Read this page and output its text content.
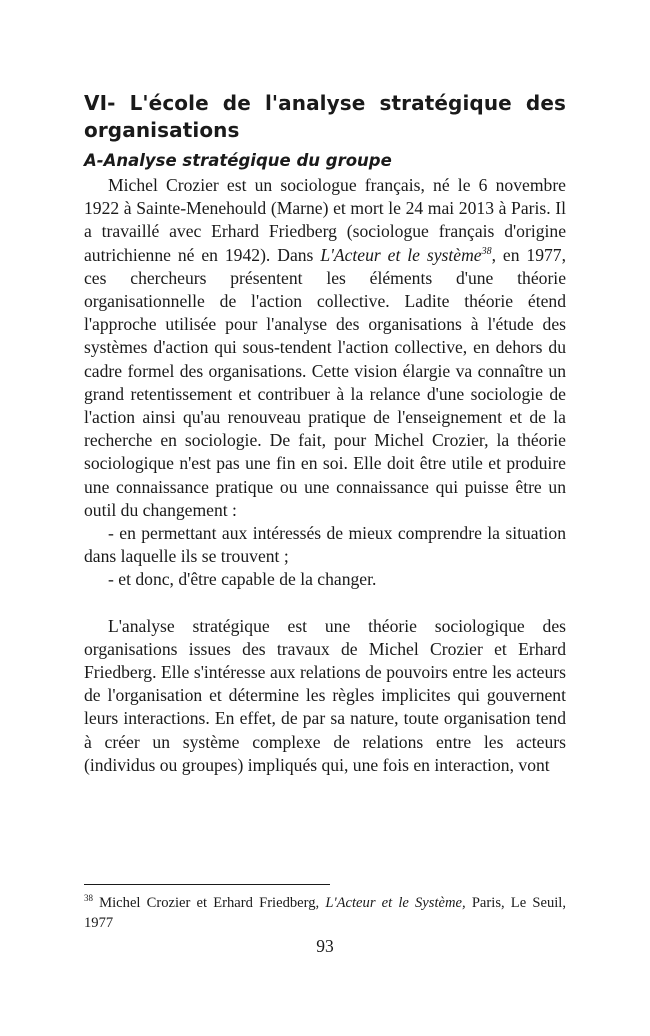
VI- L'école de l'analyse stratégique des organisations
A-Analyse stratégique du groupe

Michel Crozier est un sociologue français, né le 6 novembre 1922 à Sainte-Menehould (Marne) et mort le 24 mai 2013 à Paris. Il a travaillé avec Erhard Friedberg (sociologue français d'origine autrichienne né en 1942). Dans L'Acteur et le système$^{38}$, en 1977, ces chercheurs présentent les éléments d'une théorie organisationnelle de l'action collective. Ladite théorie étend l'approche utilisée pour l'analyse des organisations à l'étude des systèmes d'action qui sous-tendent l'action collective, en dehors du cadre formel des organisations. Cette vision élargie va connaître un grand retentissement et contribuer à la relance d'une sociologie de l'action ainsi qu'au renouveau pratique de l'enseignement et de la recherche en sociologie. De fait, pour Michel Crozier, la théorie sociologique n'est pas une fin en soi. Elle doit être utile et produire une connaissance pratique ou une connaissance qui puisse être un outil du changement :

- en permettant aux intéressés de mieux comprendre la situation dans laquelle ils se trouvent ;

- et donc, d'être capable de la changer.

L'analyse stratégique est une théorie sociologique des organisations issues des travaux de Michel Crozier et Erhard Friedberg. Elle s'intéresse aux relations de pouvoirs entre les acteurs de l'organisation et détermine les règles implicites qui gouvernent leurs interactions. En effet, de par sa nature, toute organisation tend à créer un système complexe de relations entre les acteurs (individus ou groupes) impliqués qui, une fois en interaction, vont

$^{38}$ Michel Crozier et Erhard Friedberg, L'Acteur et le Système, Paris, Le Seuil, 1977
93
